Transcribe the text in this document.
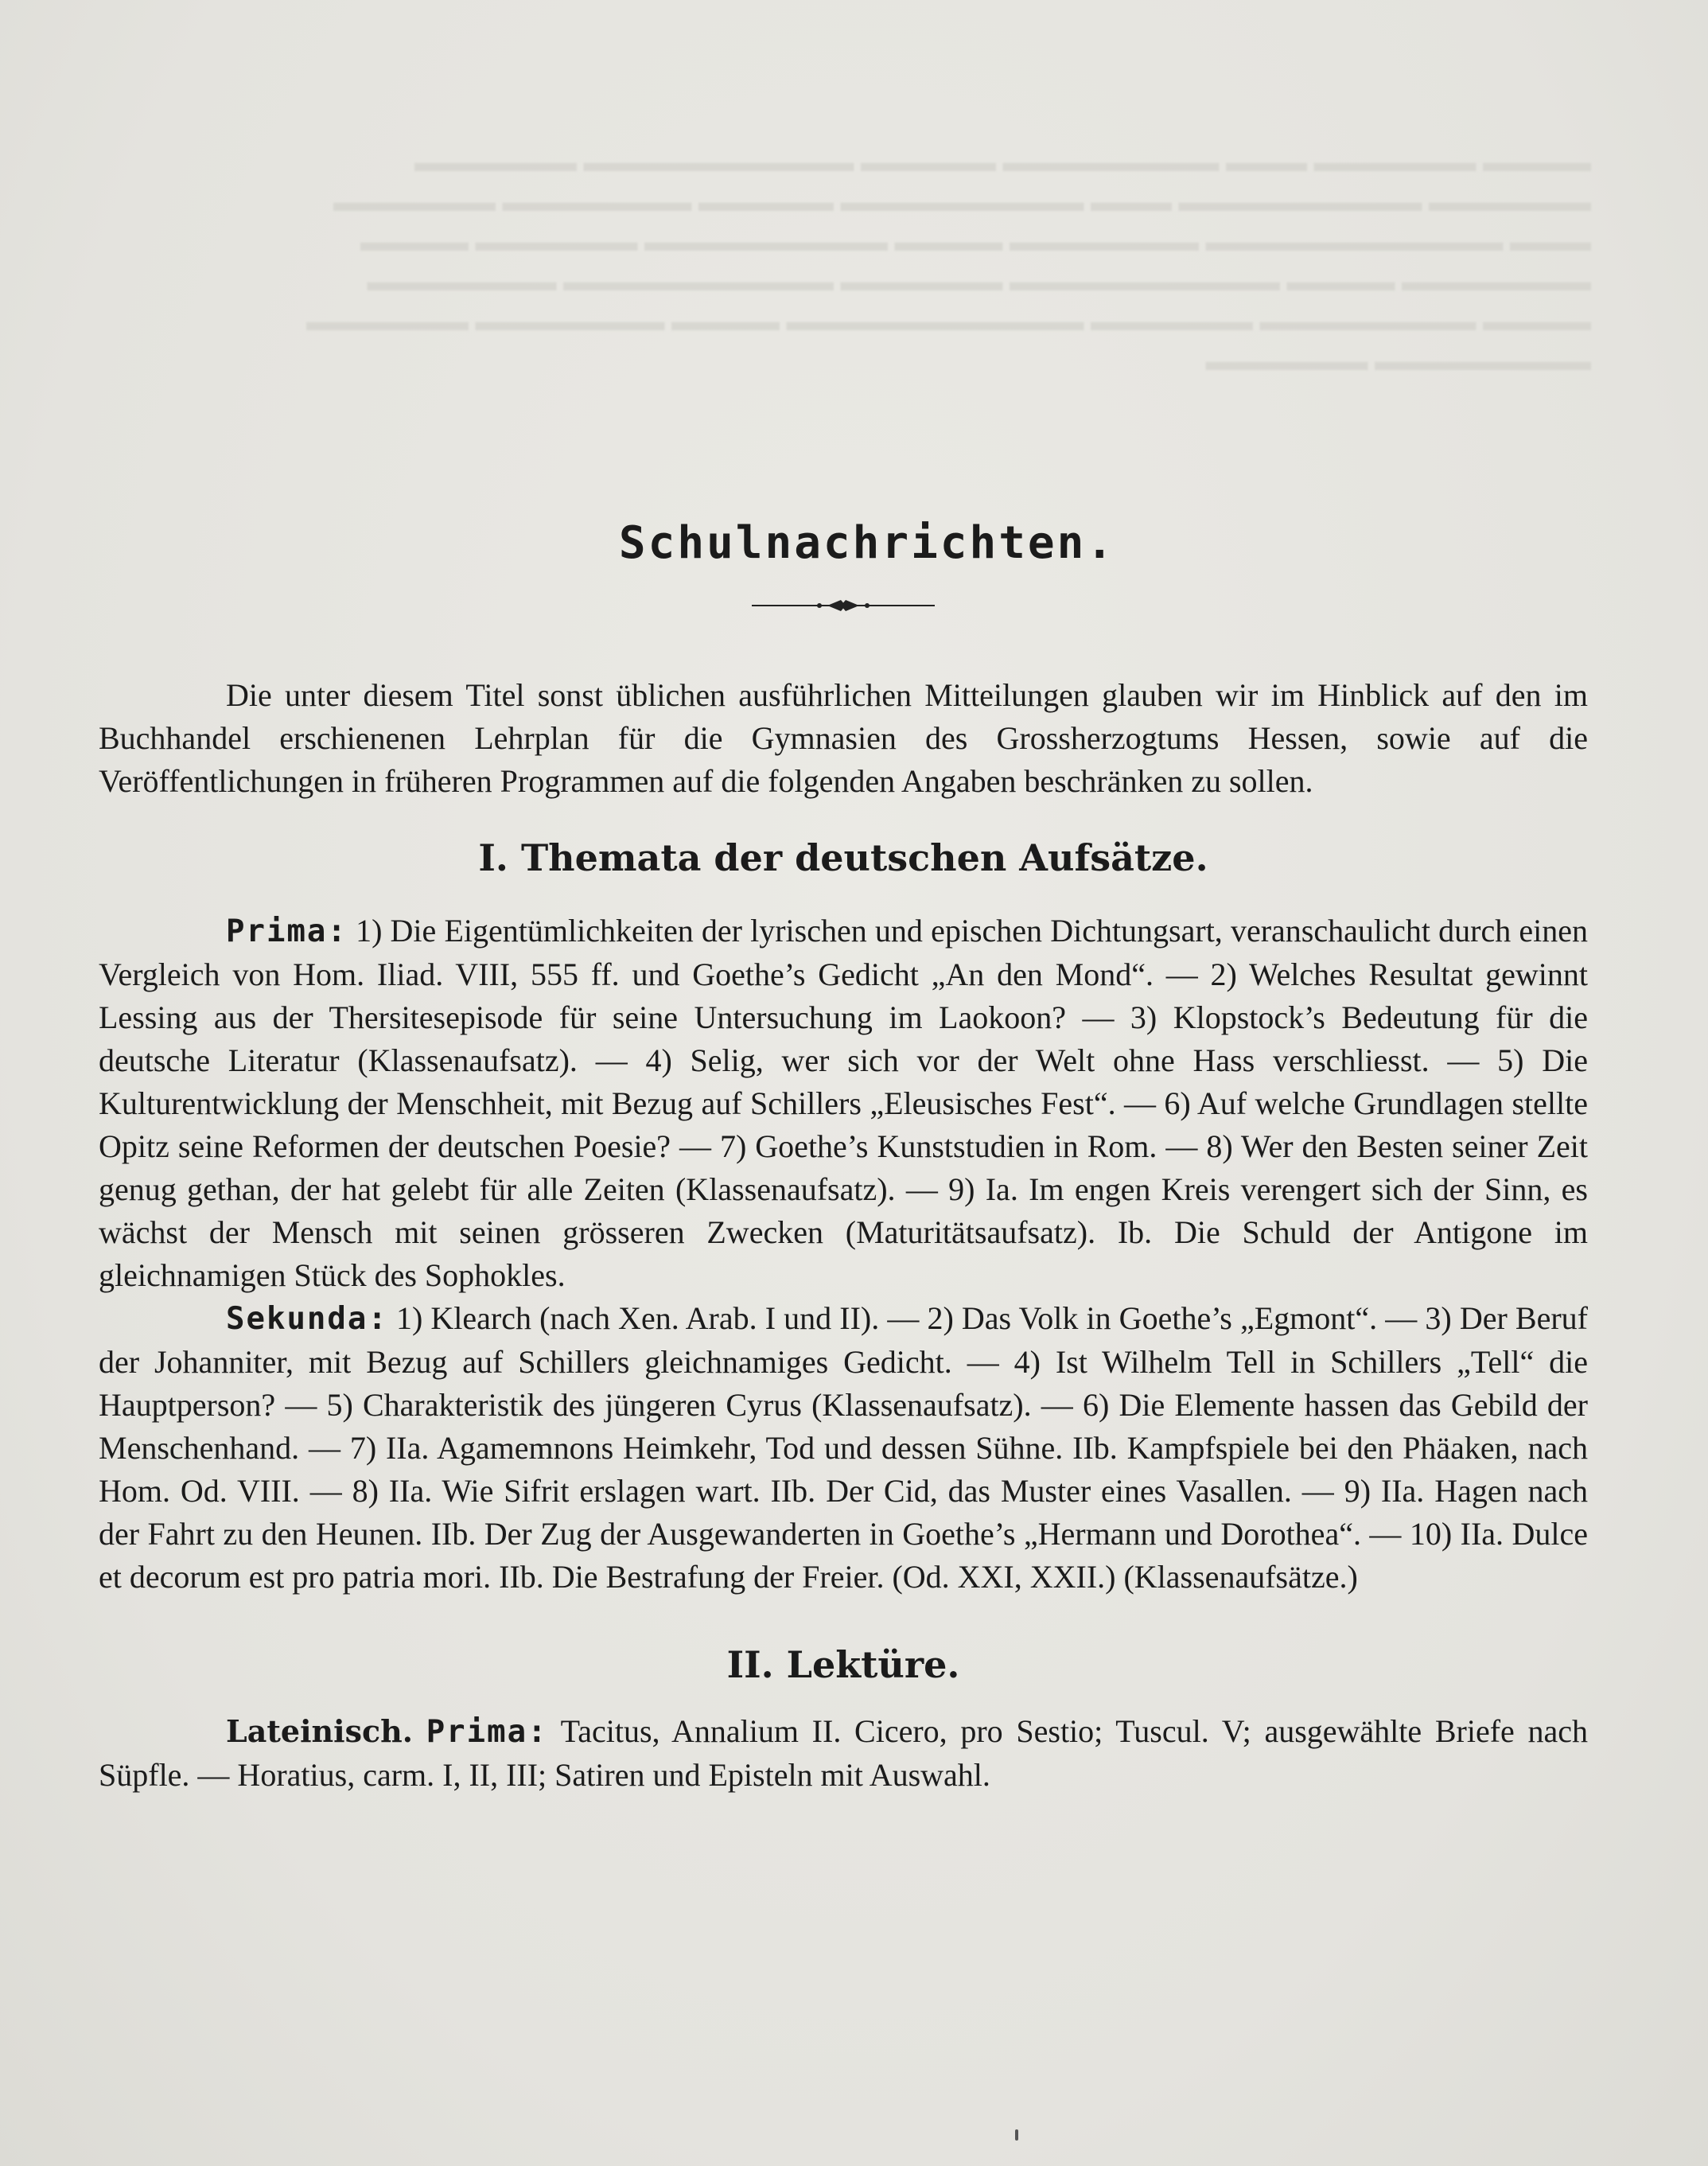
▬▬▬▬ ▬▬▬▬▬▬ ▬▬▬ ▬▬▬▬▬▬▬▬ ▬▬▬▬▬ ▬▬▬▬▬▬▬▬▬▬ ▬▬▬▬▬▬
▬▬▬▬▬▬ ▬▬▬▬▬▬▬▬▬ ▬▬▬ ▬▬▬▬▬▬▬▬▬ ▬▬▬▬▬ ▬▬▬▬▬▬▬ ▬▬▬▬▬▬
▬▬▬ ▬▬▬▬▬▬▬▬▬▬▬ ▬▬▬▬▬▬▬ ▬▬▬▬ ▬▬▬▬▬▬▬▬▬ ▬▬▬▬▬▬ ▬▬▬▬
▬▬▬▬▬▬▬ ▬▬▬▬ ▬▬▬▬▬▬▬▬▬▬ ▬▬▬▬▬▬ ▬▬▬▬▬▬▬▬▬▬ ▬▬▬▬▬▬▬
▬▬▬▬ ▬▬▬▬▬▬▬▬ ▬▬▬▬▬▬ ▬▬▬▬▬▬▬▬▬▬▬ ▬▬▬▬ ▬▬▬▬▬▬▬ ▬▬▬▬▬▬
▬▬▬▬▬▬▬▬ ▬▬▬▬▬▬
Schulnachrichten.

Die unter diesem Titel sonst üblichen ausführlichen Mitteilungen glauben wir im Hinblick auf den im Buchhandel erschienenen Lehrplan für die Gymnasien des Grossherzogtums Hessen, sowie auf die Veröffentlichungen in früheren Programmen auf die folgenden Angaben beschränken zu sollen.

I. Themata der deutschen Aufsätze.

Prima: 1) Die Eigentümlichkeiten der lyrischen und epischen Dichtungsart, veranschaulicht durch einen Vergleich von Hom. Iliad. VIII, 555 ff. und Goethe’s Gedicht „An den Mond“. — 2) Welches Resultat gewinnt Lessing aus der Thersitesepisode für seine Untersuchung im Laokoon? — 3) Klopstock’s Bedeutung für die deutsche Literatur (Klassenaufsatz). — 4) Selig, wer sich vor der Welt ohne Hass verschliesst. — 5) Die Kulturentwicklung der Menschheit, mit Bezug auf Schillers „Eleusisches Fest“. — 6) Auf welche Grundlagen stellte Opitz seine Reformen der deutschen Poesie? — 7) Goethe’s Kunststudien in Rom. — 8) Wer den Besten seiner Zeit genug gethan, der hat gelebt für alle Zeiten (Klassenaufsatz). — 9) Ia. Im engen Kreis verengert sich der Sinn, es wächst der Mensch mit seinen grösseren Zwecken (Maturitätsaufsatz). Ib. Die Schuld der Antigone im gleichnamigen Stück des Sophokles.

Sekunda: 1) Klearch (nach Xen. Arab. I und II). — 2) Das Volk in Goethe’s „Egmont“. — 3) Der Beruf der Johanniter, mit Bezug auf Schillers gleichnamiges Gedicht. — 4) Ist Wilhelm Tell in Schillers „Tell“ die Hauptperson? — 5) Charakteristik des jüngeren Cyrus (Klassenaufsatz). — 6) Die Elemente hassen das Gebild der Menschenhand. — 7) IIa. Agamemnons Heimkehr, Tod und dessen Sühne. IIb. Kampfspiele bei den Phäaken, nach Hom. Od. VIII. — 8) IIa. Wie Sifrit erslagen wart. IIb. Der Cid, das Muster eines Vasallen. — 9) IIa. Hagen nach der Fahrt zu den Heunen. IIb. Der Zug der Ausgewanderten in Goethe’s „Hermann und Dorothea“. — 10) IIa. Dulce et decorum est pro patria mori. IIb. Die Bestrafung der Freier. (Od. XXI, XXII.) (Klassenaufsätze.)

II. Lektüre.

Lateinisch. Prima: Tacitus, Annalium II. Cicero, pro Sestio; Tuscul. V; ausgewählte Briefe nach Süpfle. — Horatius, carm. I, II, III; Satiren und Episteln mit Auswahl.
